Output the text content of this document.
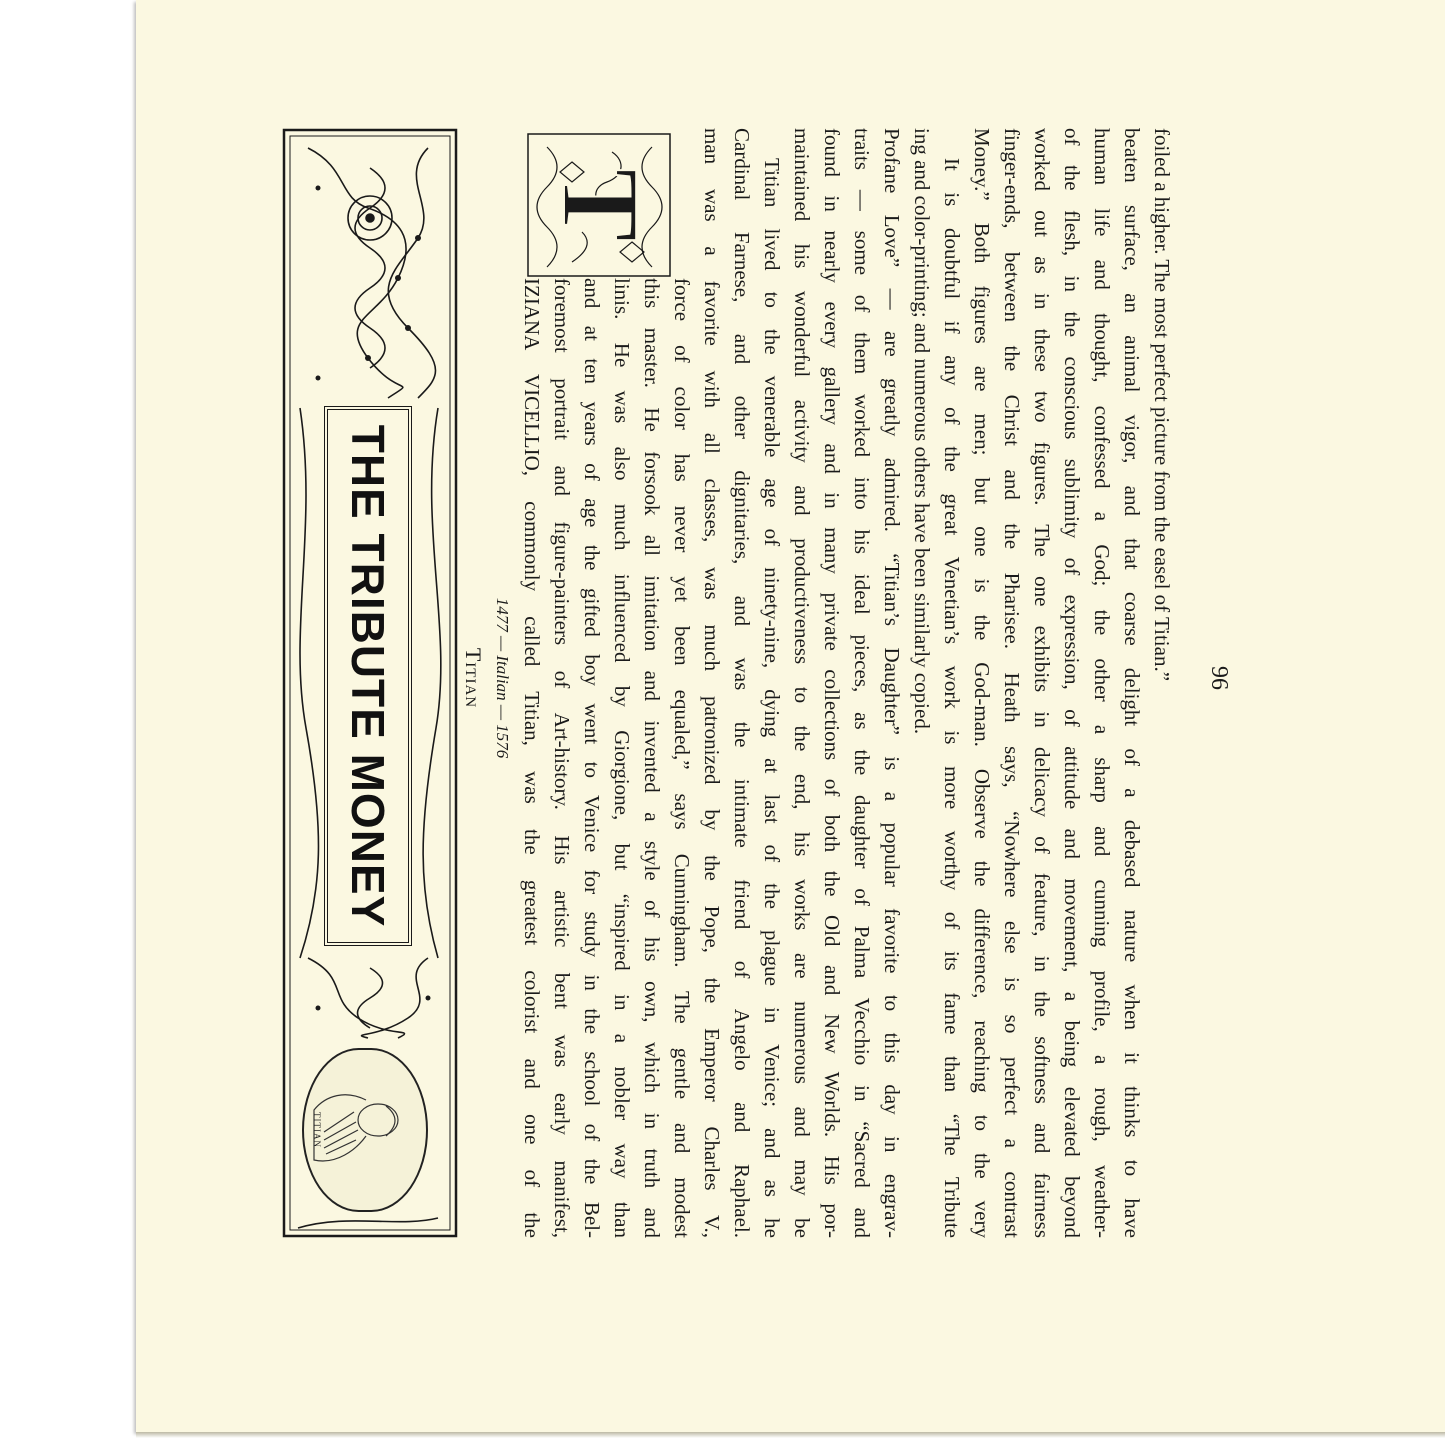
THE TRIBUTE MONEY
TITIAN
Titian 1477 — Italian — 1576
T
IZIANA VICELLIO, commonly called Titian, was the greatest colorist and one of the foremost portrait and figure-painters of Art-history. His artistic bent was early manifest, and at ten years of age the gifted boy went to Venice for study in the school of the Bel- linis. He was also much influenced by Giorgione, but “inspired in a nobler way than this master. He forsook all imitation and invented a style of his own, which in truth and force of color has never yet been equaled,” says Cunningham. The gentle and modest man was a favorite with all classes, was much patronized by the Pope, the Emperor Charles V., Cardinal Farnese, and other dignitaries, and was the intimate friend of Angelo and Raphael. Titian lived to the venerable age of ninety-nine, dying at last of the plague in Venice; and as he maintained his wonderful activity and productiveness to the end, his works are numerous and may be found in nearly every gallery and in many private collections of both the Old and New Worlds. His por- traits — some of them worked into his ideal pieces, as the daughter of Palma Vecchio in “Sacred and Profane Love” — are greatly admired. “Titian’s Daughter” is a popular favorite to this day in engrav- ing and color-printing; and numerous others have been similarly copied. It is doubtful if any of the great Venetian’s work is more worthy of its fame than “The Tribute Money.” Both figures are men; but one is the God-man. Observe the difference, reaching to the very finger-ends, between the Christ and the Pharisee. Heath says, “Nowhere else is so perfect a contrast worked out as in these two figures. The one exhibits in delicacy of feature, in the softness and fairness of the flesh, in the conscious sublimity of expression, of attitude and movement, a being elevated beyond human life and thought, confessed a God; the other a sharp and cunning profile, a rough, weather- beaten surface, an animal vigor, and that coarse delight of a debased nature when it thinks to have foiled a higher. The most perfect picture from the easel of Titian.” 96
